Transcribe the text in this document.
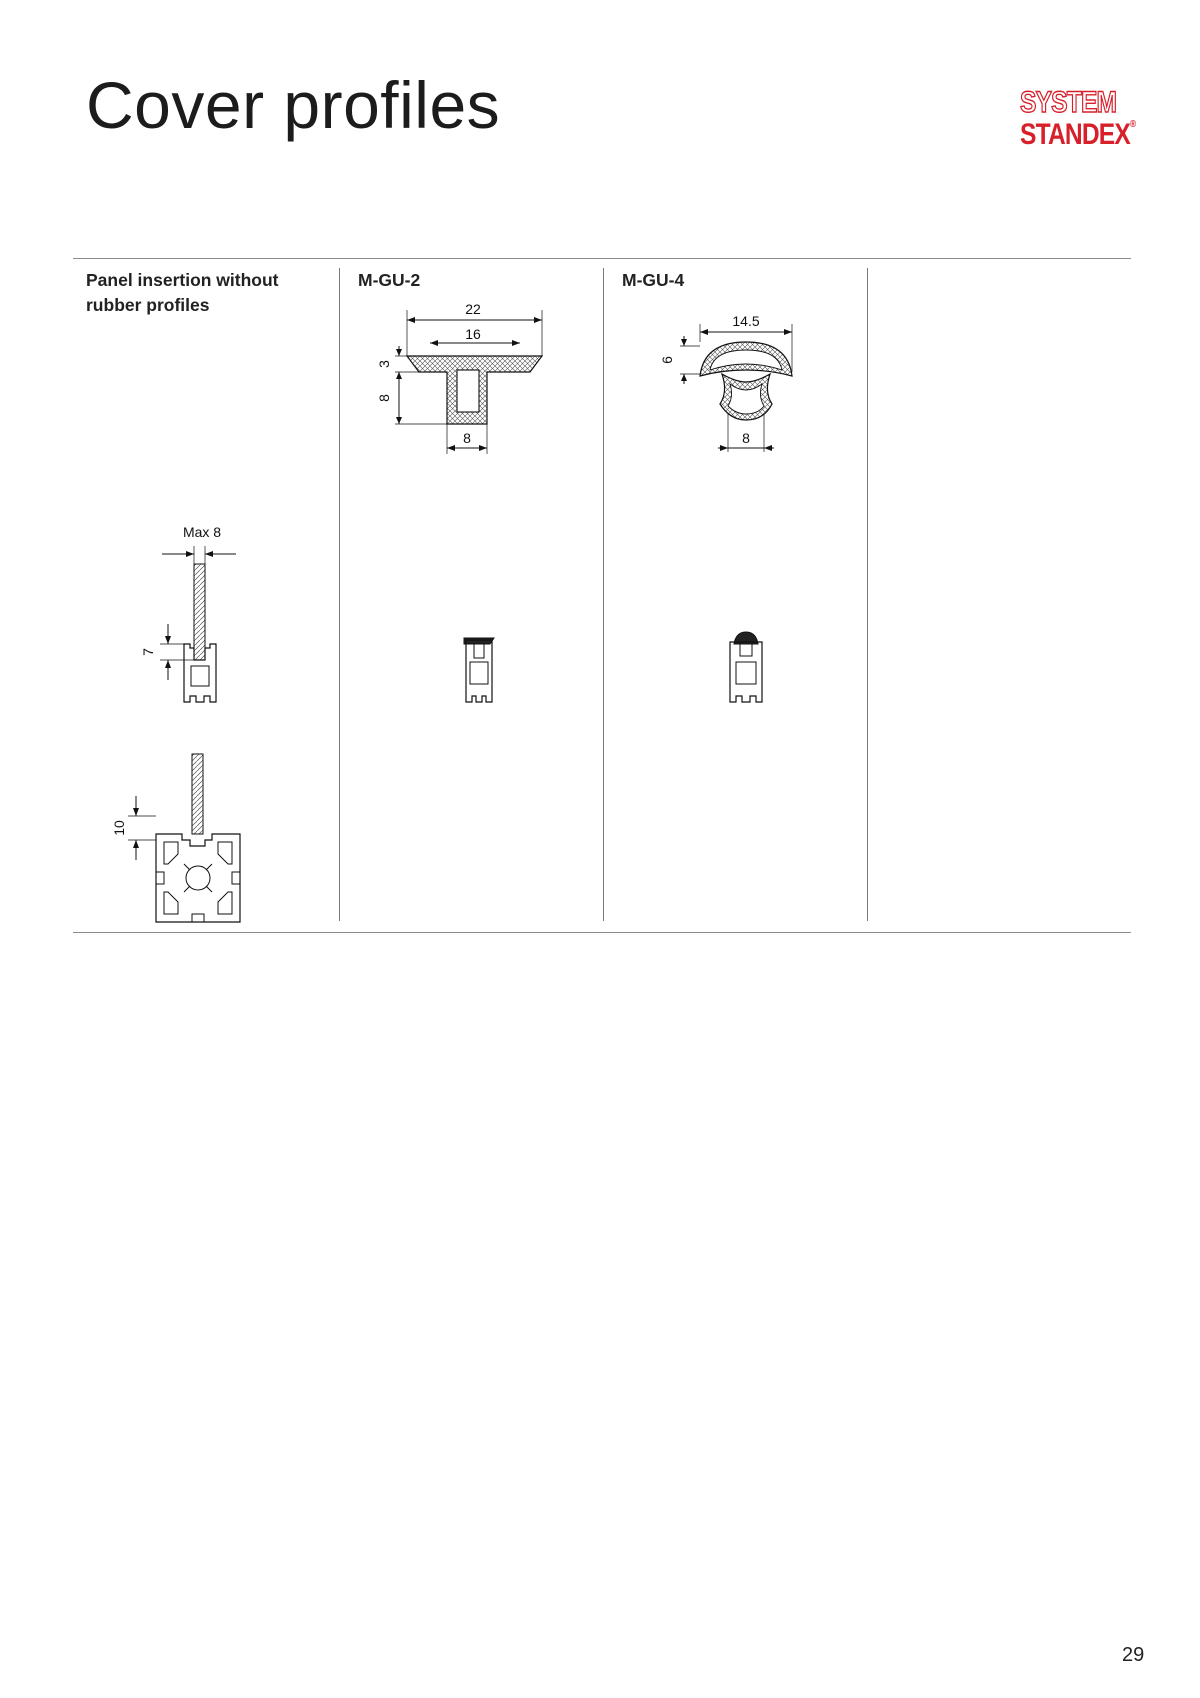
Cover profiles	SYSTEM
STANDEX®

Panel insertion without rubber profiles

M-GU-2	M-GU-4

22
16
3
8
8
14.5
6
8
Max 8
7
10
29
